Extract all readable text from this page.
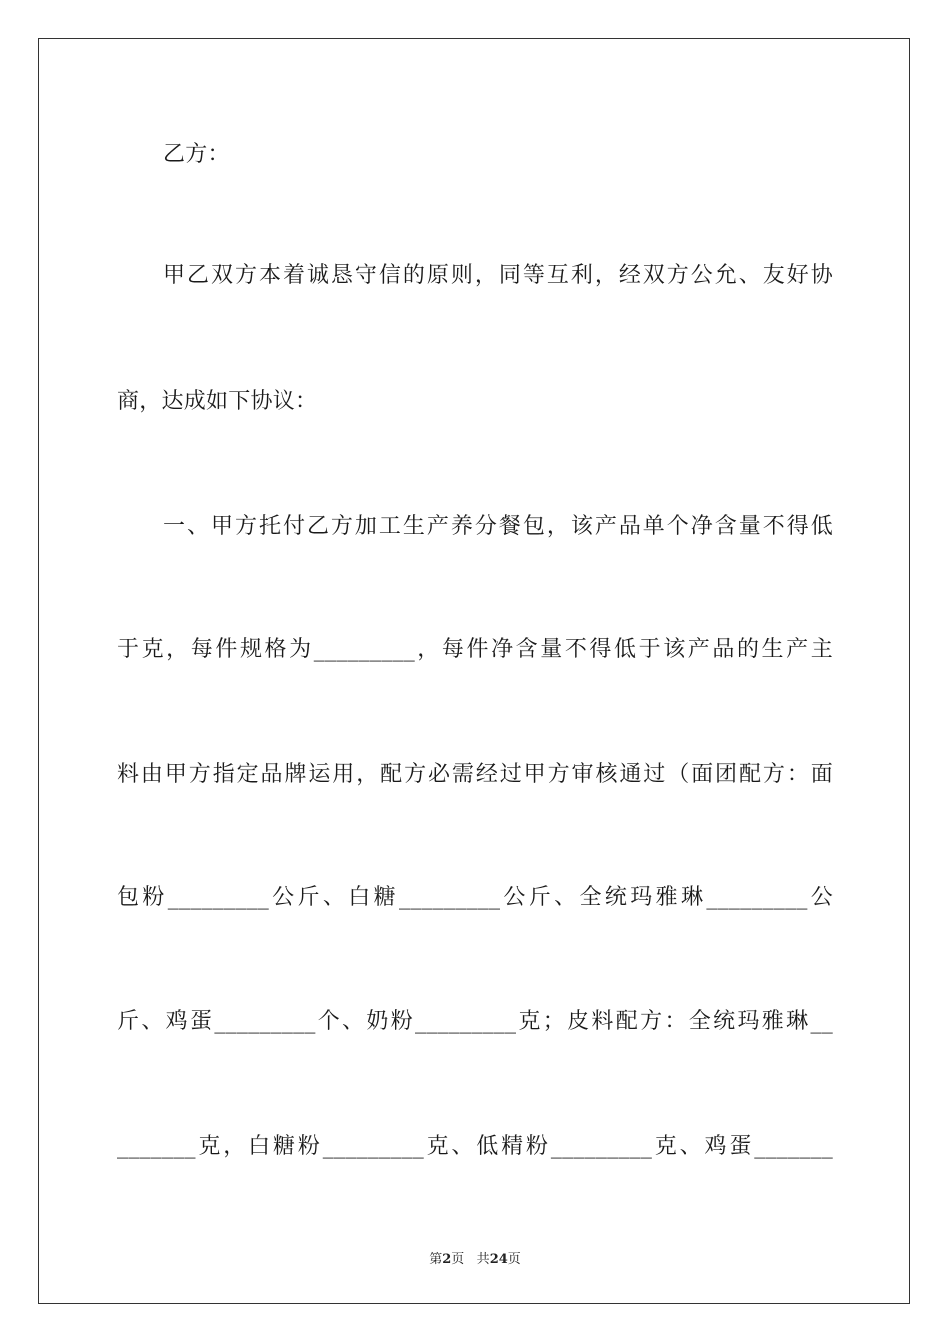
乙方：
甲乙双方本着诚恳守信的原则，同等互利，经双方公允、友好协
商，达成如下协议：
一、甲方托付乙方加工生产养分餐包，该产品单个净含量不得低
于克，每件规格为_________，每件净含量不得低于该产品的生产主
料由甲方指定品牌运用，配方必需经过甲方审核通过（面团配方：面
包粉_________公斤、白糖_________公斤、全统玛雅琳_________公
斤、鸡蛋_________个、奶粉_________克；皮料配方：全统玛雅琳__
_______克，白糖粉_________克、低精粉_________克、鸡蛋_______
第2页 共24页
